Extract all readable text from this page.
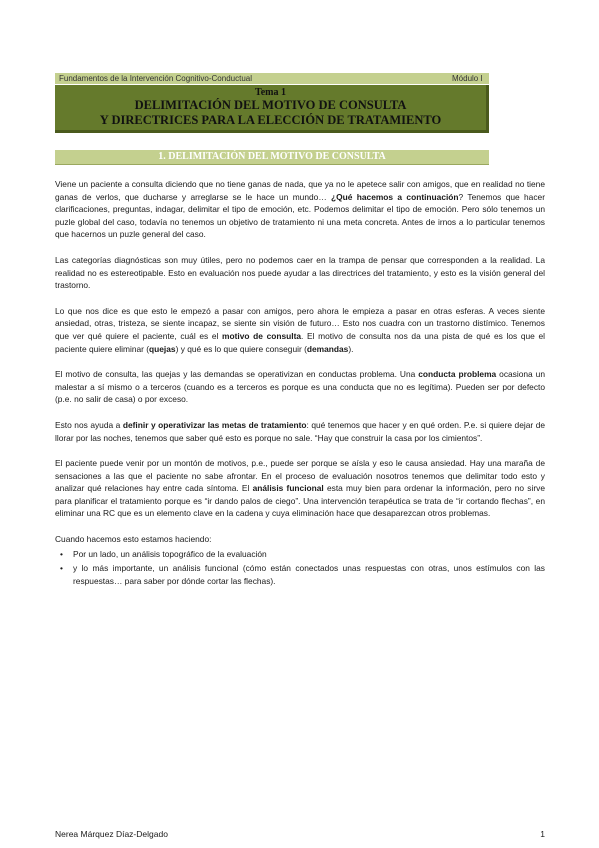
Fundamentos de la Intervención Cognitivo-Conductual	Módulo I
Tema 1
DELIMITACIÓN DEL MOTIVO DE CONSULTA
Y DIRECTRICES PARA LA ELECCIÓN DE TRATAMIENTO
1. DELIMITACIÓN DEL MOTIVO DE CONSULTA

Viene un paciente a consulta diciendo que no tiene ganas de nada, que ya no le apetece salir con amigos, que en realidad no tiene ganas de verlos, que ducharse y arreglarse se le hace un mundo… ¿Qué hacemos a continuación? Tenemos que hacer clarificaciones, preguntas, indagar, delimitar el tipo de emoción, etc. Podemos delimitar el tipo de emoción. Pero sólo tenemos un puzle global del caso, todavía no tenemos un objetivo de tratamiento ni una meta concreta. Antes de irnos a lo particular tenemos que hacernos un puzle general del caso.

Las categorías diagnósticas son muy útiles, pero no podemos caer en la trampa de pensar que corresponden a la realidad. La realidad no es estereotipable. Esto en evaluación nos puede ayudar a las directrices del tratamiento, y esto es la visión general del trastorno.

Lo que nos dice es que esto le empezó a pasar con amigos, pero ahora le empieza a pasar en otras esferas. A veces siente ansiedad, otras, tristeza, se siente incapaz, se siente sin visión de futuro… Esto nos cuadra con un trastorno distímico. Tenemos que ver qué quiere el paciente, cuál es el motivo de consulta. El motivo de consulta nos da una pista de qué es los que el paciente quiere eliminar (quejas) y qué es lo que quiere conseguir (demandas).

El motivo de consulta, las quejas y las demandas se operativizan en conductas problema. Una conducta problema ocasiona un malestar a sí mismo o a terceros (cuando es a terceros es porque es una conducta que no es legítima). Pueden ser por defecto (p.e. no salir de casa) o por exceso.

Esto nos ayuda a definir y operativizar las metas de tratamiento: qué tenemos que hacer y en qué orden. P.e. si quiere dejar de llorar por las noches, tenemos que saber qué esto es porque no sale. “Hay que construir la casa por los cimientos”.

El paciente puede venir por un montón de motivos, p.e., puede ser porque se aísla y eso le causa ansiedad. Hay una maraña de sensaciones a las que el paciente no sabe afrontar. En el proceso de evaluación nosotros tenemos que delimitar todo esto y analizar qué relaciones hay entre cada síntoma. El análisis funcional esta muy bien para ordenar la información, pero no sirve para planificar el tratamiento porque es “ir dando palos de ciego”. Una intervención terapéutica se trata de “ir cortando flechas”, en eliminar una RC que es un elemento clave en la cadena y cuya eliminación hace que desaparezcan otros problemas.

Cuando hacemos esto estamos haciendo:

• Por un lado, un análisis topográfico de la evaluación
• y lo más importante, un análisis funcional (cómo están conectados unas respuestas con otras, unos estímulos con las respuestas… para saber por dónde cortar las flechas).
Nerea Márquez Díaz-Delgado	1
